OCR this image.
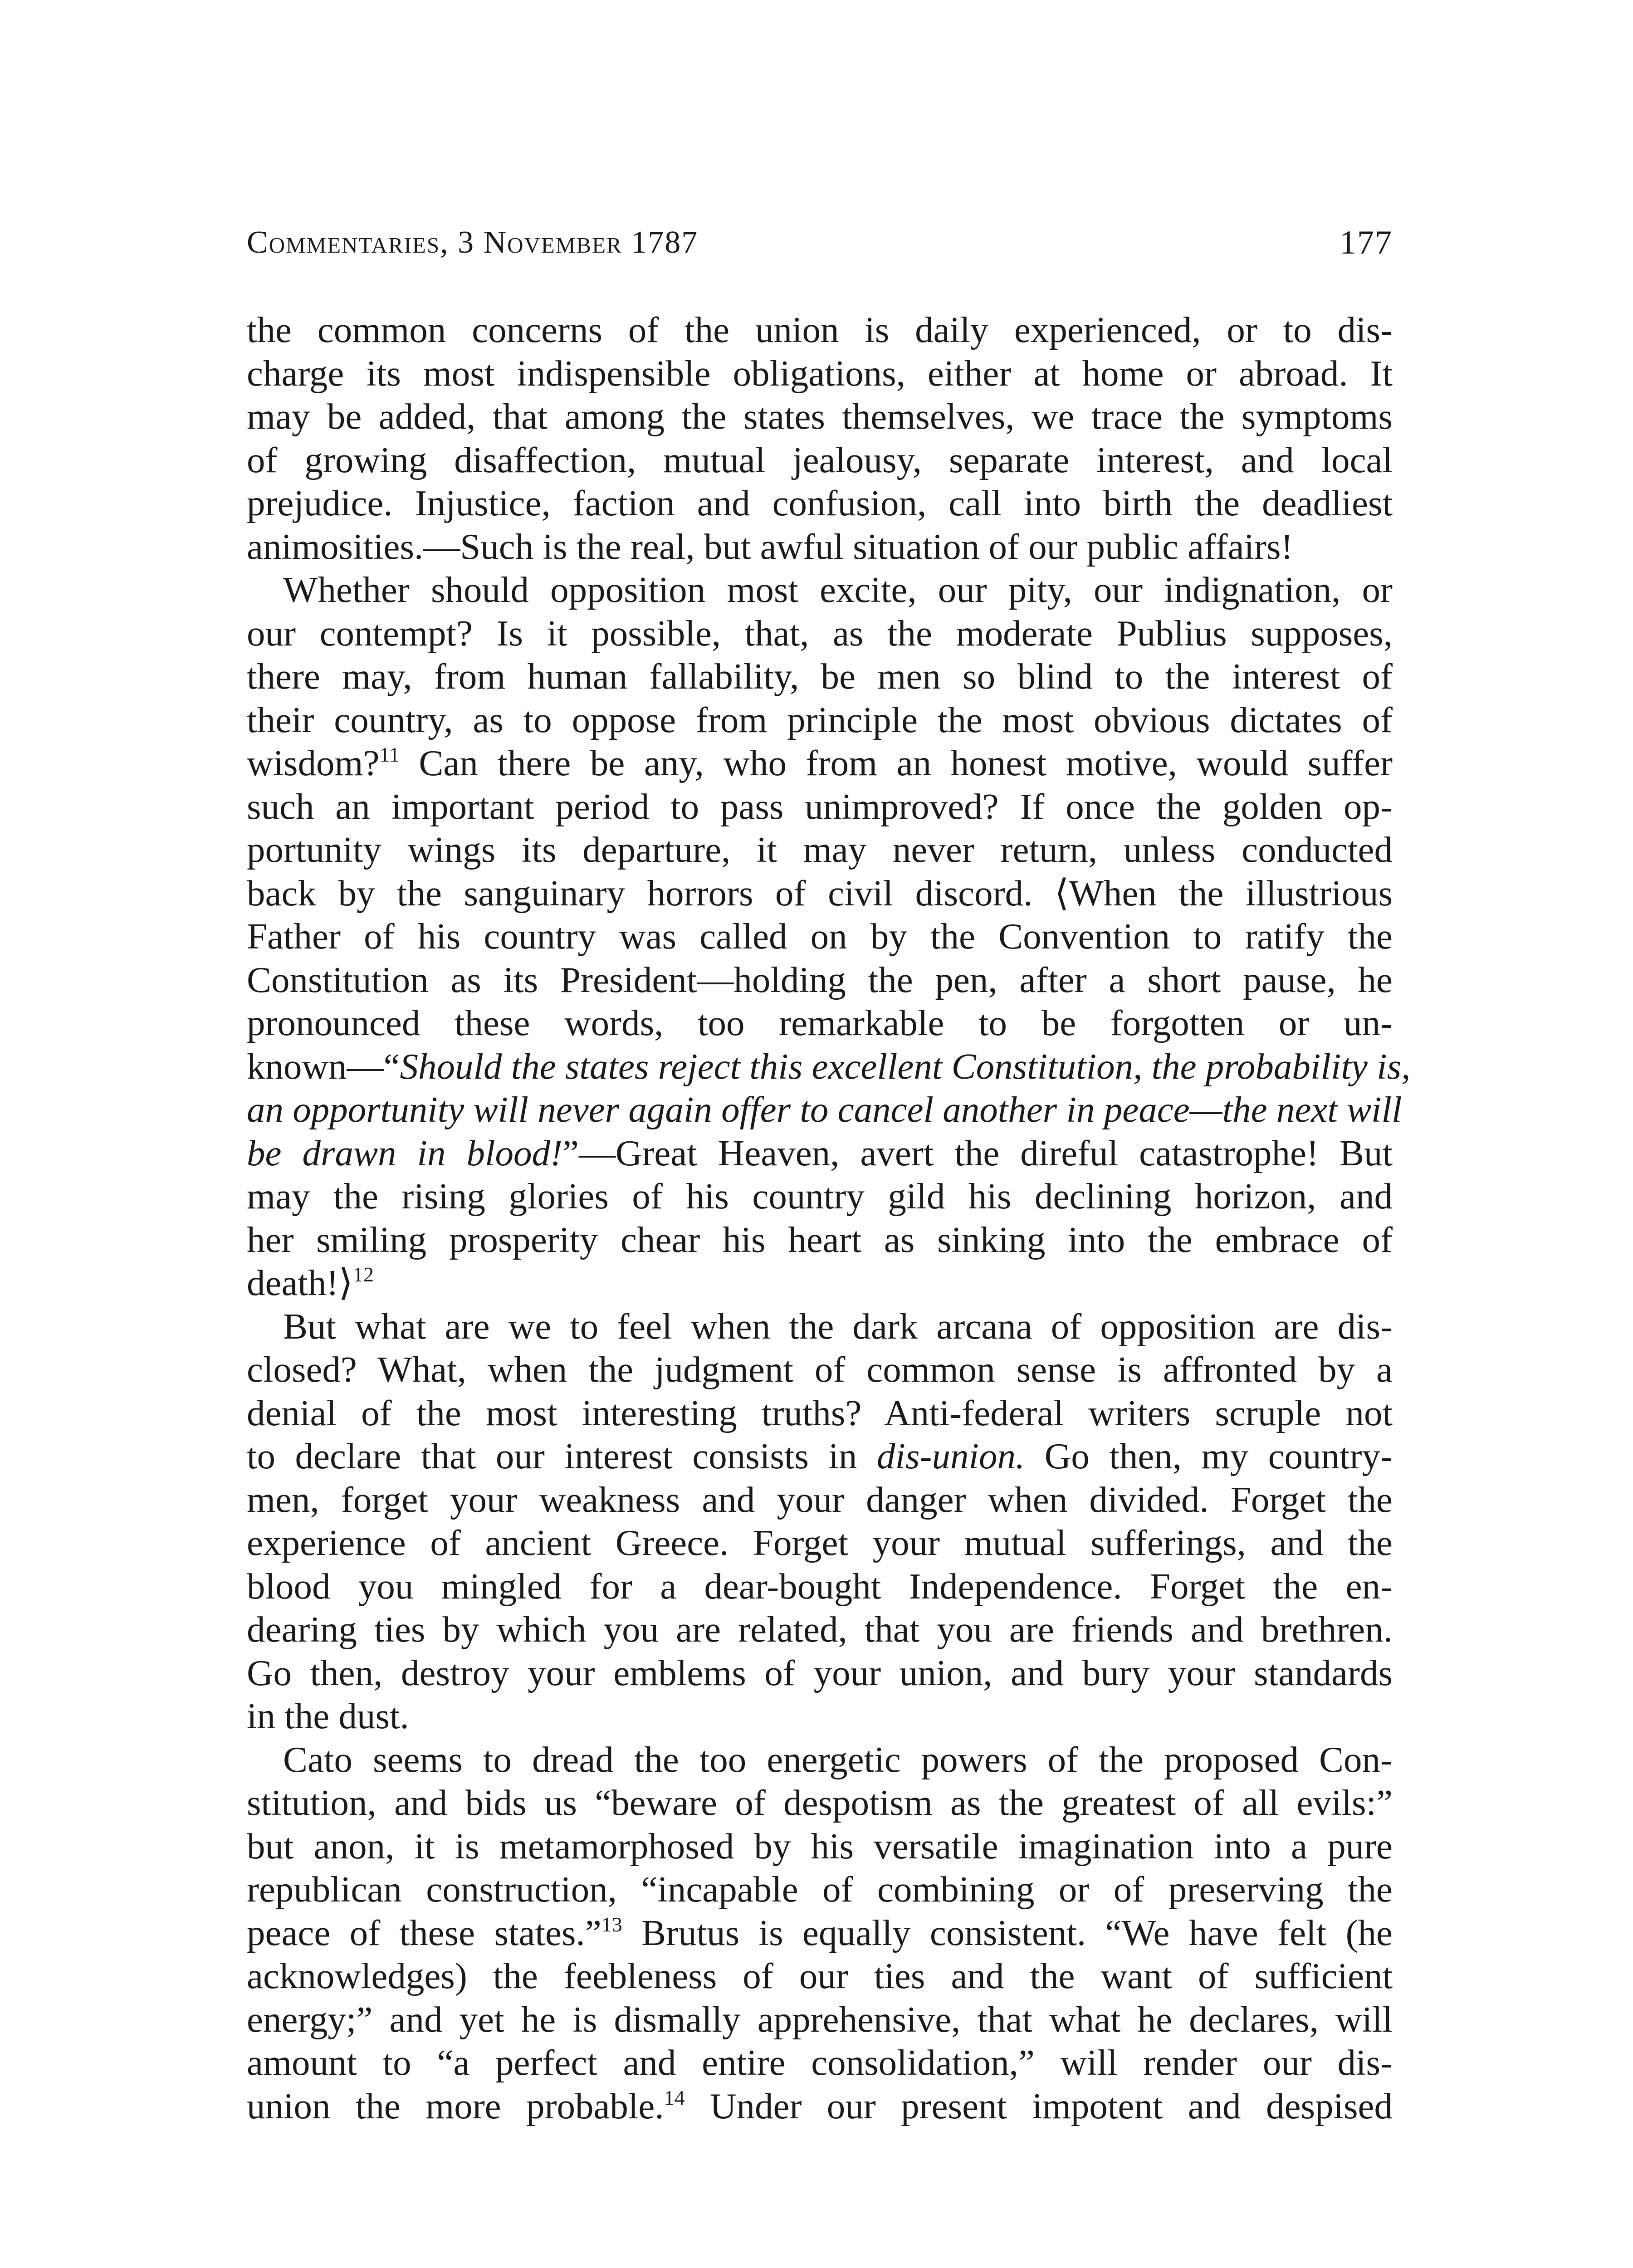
Commentaries, 3 November 1787	177
the common concerns of the union is daily experienced, or to dis-
charge its most indispensible obligations, either at home or abroad. It
may be added, that among the states themselves, we trace the symptoms
of growing disaffection, mutual jealousy, separate interest, and local
prejudice. Injustice, faction and confusion, call into birth the deadliest
animosities.—Such is the real, but awful situation of our public affairs!
Whether should opposition most excite, our pity, our indignation, or
our contempt? Is it possible, that, as the moderate Publius supposes,
there may, from human fallability, be men so blind to the interest of
their country, as to oppose from principle the most obvious dictates of
wisdom?$^{11}$ Can there be any, who from an honest motive, would suffer
such an important period to pass unimproved? If once the golden op-
portunity wings its departure, it may never return, unless conducted
back by the sanguinary horrors of civil discord. ⟨When the illustrious
Father of his country was called on by the Convention to ratify the
Constitution as its President—holding the pen, after a short pause, he
pronounced these words, too remarkable to be forgotten or un-
known—“Should the states reject this excellent Constitution, the probability is,
an opportunity will never again offer to cancel another in peace—the next will
be drawn in blood!”—Great Heaven, avert the direful catastrophe! But
may the rising glories of his country gild his declining horizon, and
her smiling prosperity chear his heart as sinking into the embrace of
death!⟩$^{12}$
But what are we to feel when the dark arcana of opposition are dis-
closed? What, when the judgment of common sense is affronted by a
denial of the most interesting truths? Anti-federal writers scruple not
to declare that our interest consists in dis-union. Go then, my country-
men, forget your weakness and your danger when divided. Forget the
experience of ancient Greece. Forget your mutual sufferings, and the
blood you mingled for a dear-bought Independence. Forget the en-
dearing ties by which you are related, that you are friends and brethren.
Go then, destroy your emblems of your union, and bury your standards
in the dust.
Cato seems to dread the too energetic powers of the proposed Con-
stitution, and bids us “beware of despotism as the greatest of all evils:”
but anon, it is metamorphosed by his versatile imagination into a pure
republican construction, “incapable of combining or of preserving the
peace of these states.”$^{13}$ Brutus is equally consistent. “We have felt (he
acknowledges) the feebleness of our ties and the want of sufficient
energy;” and yet he is dismally apprehensive, that what he declares, will
amount to “a perfect and entire consolidation,” will render our dis-
union the more probable.$^{14}$ Under our present impotent and despised
